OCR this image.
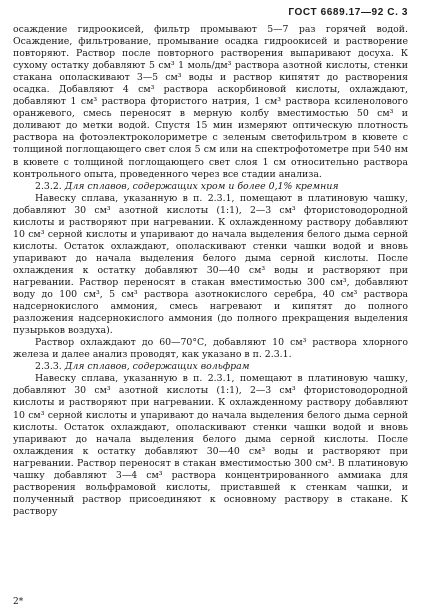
ГОСТ 6689.17—92 С. 3

осаждение гидроокисей, фильтр промывают 5—7 раз горячей водой. Осаждение, фильтрование, промывание осадка гидроокисей и растворение повторяют. Раствор после повторного растворения выпаривают досуха. К сухому остатку добавляют 5 см³ 1 моль/дм³ раствора азотной кислоты, стенки стакана ополаскивают 3—5 см³ воды и раствор кипятят до растворения осадка. Добавляют 4 см³ раствора аскорбиновой кислоты, охлаждают, добавляют 1 см³ раствора фтористого натрия, 1 см³ раствора ксиленолового оранжевого, смесь переносят в мерную колбу вместимостью 50 см³ и доливают до метки водой. Спустя 15 мин измеряют оптическую плотность раствора на фотоэлектроколориметре с зеленым светофильтром в кювете с толщиной поглощающего свет слоя 5 см или на спектрофотометре при 540 нм в кювете с толщиной поглощающего свет слоя 1 см относительно раствора контрольного опыта, проведенного через все стадии анализа.

2.3.2. Для сплавов, содержащих хром и более 0,1% кремния

Навеску сплава, указанную в п. 2.3.1, помещают в платиновую чашку, добавляют 30 см³ азотной кислоты (1:1), 2—3 см³ фтористоводородной кислоты и растворяют при нагревании. К охлажденному раствору добавляют 10 см³ серной кислоты и упаривают до начала выделения белого дыма серной кислоты. Остаток охлаждают, ополаскивают стенки чашки водой и вновь упаривают до начала выделения белого дыма серной кислоты. После охлаждения к остатку добавляют 30—40 см³ воды и растворяют при нагревании. Раствор переносят в стакан вместимостью 300 см³, добавляют воду до 100 см³, 5 см³ раствора азотнокислого серебра, 40 см³ раствора надсернокислого аммония, смесь нагревают и кипятят до полного разложения надсернокислого аммония (до полного прекращения выделения пузырьков воздуха).

Раствор охлаждают до 60—70°С, добавляют 10 см³ раствора хлорного железа и далее анализ проводят, как указано в п. 2.3.1.

2.3.3. Для сплавов, содержащих вольфрам

Навеску сплава, указанную в п. 2.3.1, помещают в платиновую чашку, добавляют 30 см³ азотной кислоты (1:1), 2—3 см³ фтористоводородной кислоты и растворяют при нагревании. К охлажденному раствору добавляют 10 см³ серной кислоты и упаривают до начала выделения белого дыма серной кислоты. Остаток охлаждают, ополаскивают стенки чашки водой и вновь упаривают до начала выделения белого дыма серной кислоты. После охлаждения к остатку добавляют 30—40 см³ воды и растворяют при нагревании. Раствор переносят в стакан вместимостью 300 см³. В платиновую чашку добавляют 3—4 см³ раствора концентрированного аммиака для растворения вольфрамовой кислоты, приставшей к стенкам чашки, и полученный раствор присоединяют к основному раствору в стакане. К раствору

2*
